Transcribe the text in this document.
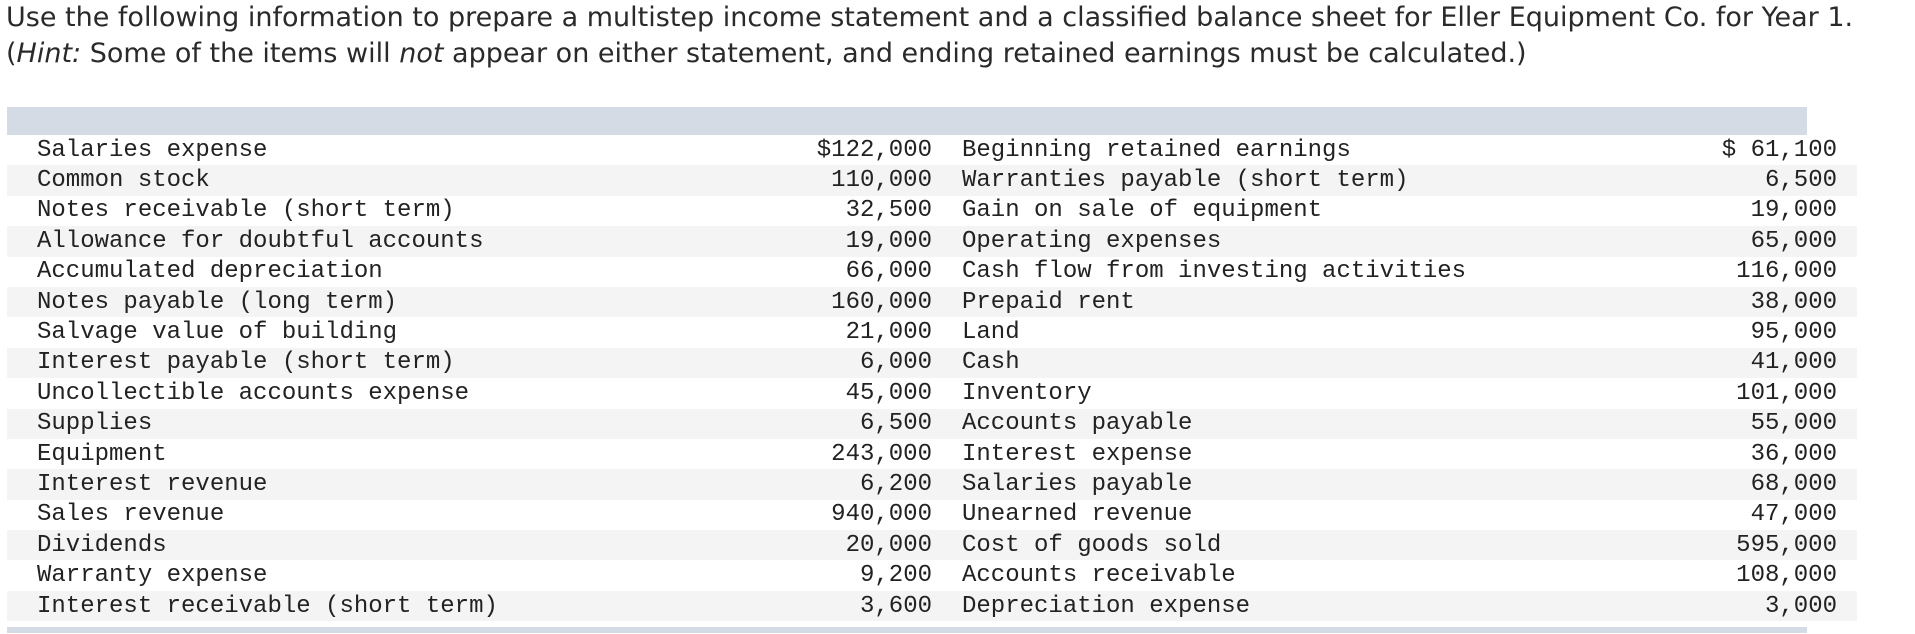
Use the following information to prepare a multistep income statement and a classified balance sheet for Eller Equipment Co. for Year 1. (Hint: Some of the items will not appear on either statement, and ending retained earnings must be calculated.)
Salaries expense	$122,000	Beginning retained earnings	$ 61,100
Common stock	110,000	Warranties payable (short term)	6,500
Notes receivable (short term)	32,500	Gain on sale of equipment	19,000
Allowance for doubtful accounts	19,000	Operating expenses	65,000
Accumulated depreciation	66,000	Cash flow from investing activities	116,000
Notes payable (long term)	160,000	Prepaid rent	38,000
Salvage value of building	21,000	Land	95,000
Interest payable (short term)	6,000	Cash	41,000
Uncollectible accounts expense	45,000	Inventory	101,000
Supplies	6,500	Accounts payable	55,000
Equipment	243,000	Interest expense	36,000
Interest revenue	6,200	Salaries payable	68,000
Sales revenue	940,000	Unearned revenue	47,000
Dividends	20,000	Cost of goods sold	595,000
Warranty expense	9,200	Accounts receivable	108,000
Interest receivable (short term)	3,600	Depreciation expense	3,000
